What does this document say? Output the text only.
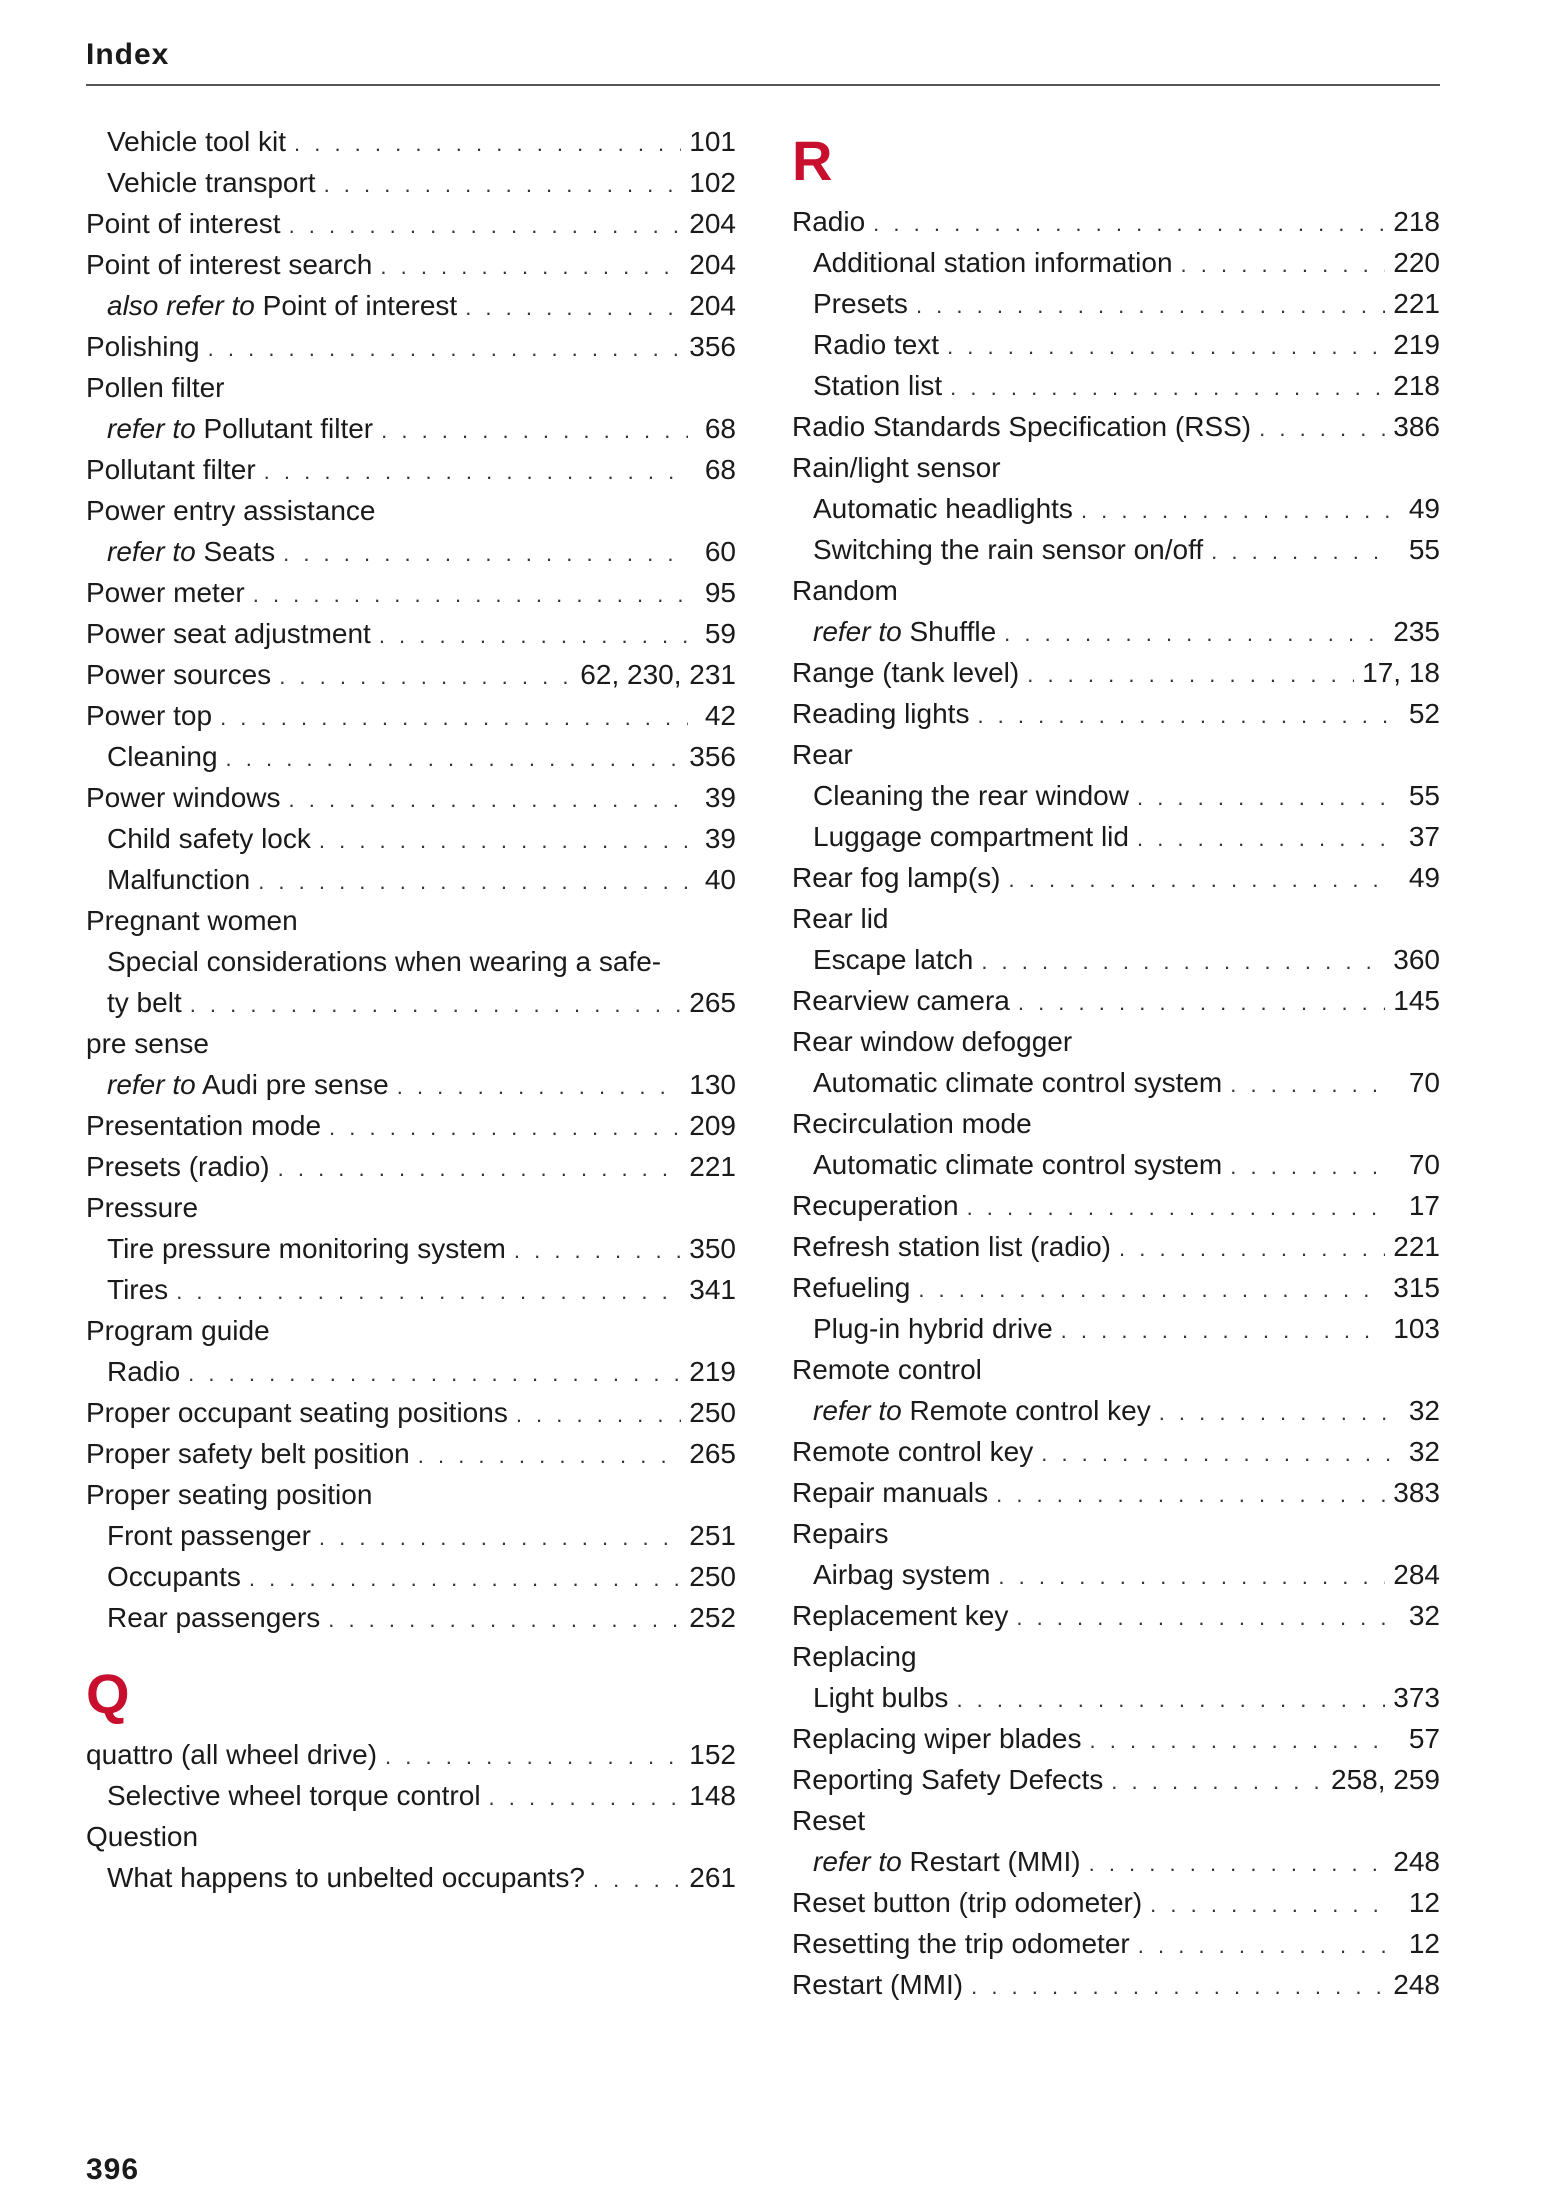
Index
Vehicle tool kit . . .	101
Vehicle transport . . .	102
Point of interest . . .	204
Point of interest search . . .	204
also refer to Point of interest . . .	204
Polishing . . .	356
Pollen filter
refer to Pollutant filter . . .	68
Pollutant filter . . .	68
Power entry assistance
refer to Seats . . .	60
Power meter . . .	95
Power seat adjustment . . .	59
Power sources . . .	62, 230, 231
Power top . . .	42
Cleaning . . .	356
Power windows . . .	39
Child safety lock . . .	39
Malfunction . . .	40
Pregnant women
Special considerations when wearing a safe-
ty belt . . .	265
pre sense
refer to Audi pre sense . . .	130
Presentation mode . . .	209
Presets (radio) . . .	221
Pressure
Tire pressure monitoring system . . .	350
Tires . . .	341
Program guide
Radio . . .	219
Proper occupant seating positions . . .	250
Proper safety belt position . . .	265
Proper seating position
Front passenger . . .	251
Occupants . . .	250
Rear passengers . . .	252
Q
quattro (all wheel drive) . . .	152
Selective wheel torque control . . .	148
Question
What happens to unbelted occupants? . . .	261
R
Radio . . .	218
Additional station information . . .	220
Presets . . .	221
Radio text . . .	219
Station list . . .	218
Radio Standards Specification (RSS) . . .	386
Rain/light sensor
Automatic headlights . . .	49
Switching the rain sensor on/off . . .	55
Random
refer to Shuffle . . .	235
Range (tank level) . . .	17, 18
Reading lights . . .	52
Rear
Cleaning the rear window . . .	55
Luggage compartment lid . . .	37
Rear fog lamp(s) . . .	49
Rear lid
Escape latch . . .	360
Rearview camera . . .	145
Rear window defogger
Automatic climate control system . . .	70
Recirculation mode
Automatic climate control system . . .	70
Recuperation . . .	17
Refresh station list (radio) . . .	221
Refueling . . .	315
Plug-in hybrid drive . . .	103
Remote control
refer to Remote control key . . .	32
Remote control key . . .	32
Repair manuals . . .	383
Repairs
Airbag system . . .	284
Replacement key . . .	32
Replacing
Light bulbs . . .	373
Replacing wiper blades . . .	57
Reporting Safety Defects . . .	258, 259
Reset
refer to Restart (MMI) . . .	248
Reset button (trip odometer) . . .	12
Resetting the trip odometer . . .	12
Restart (MMI) . . .	248
396
